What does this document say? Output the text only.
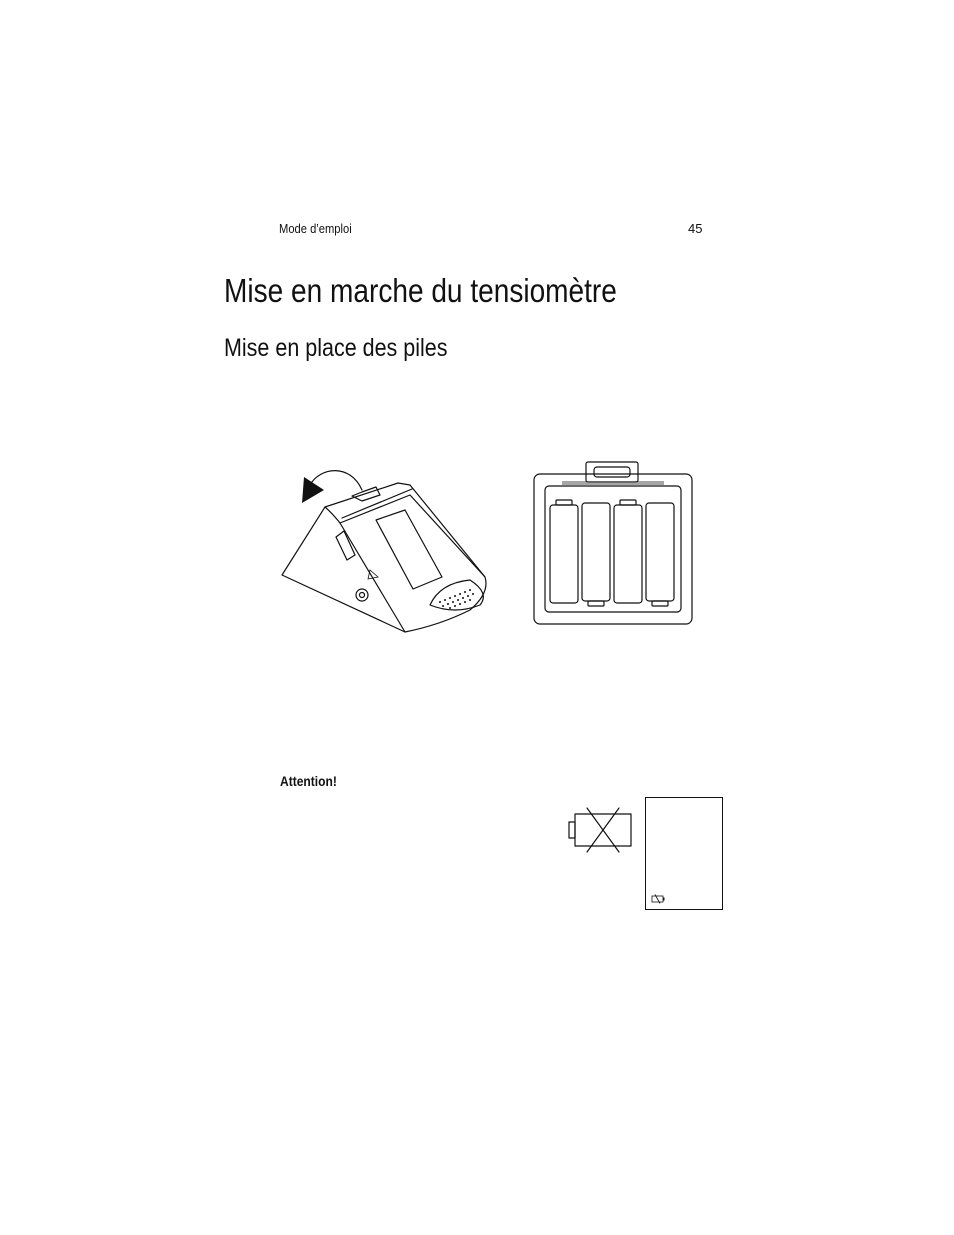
Mode d’emploi	45
Mise en marche du tensiomètre
Mise en place des piles
Attention!
